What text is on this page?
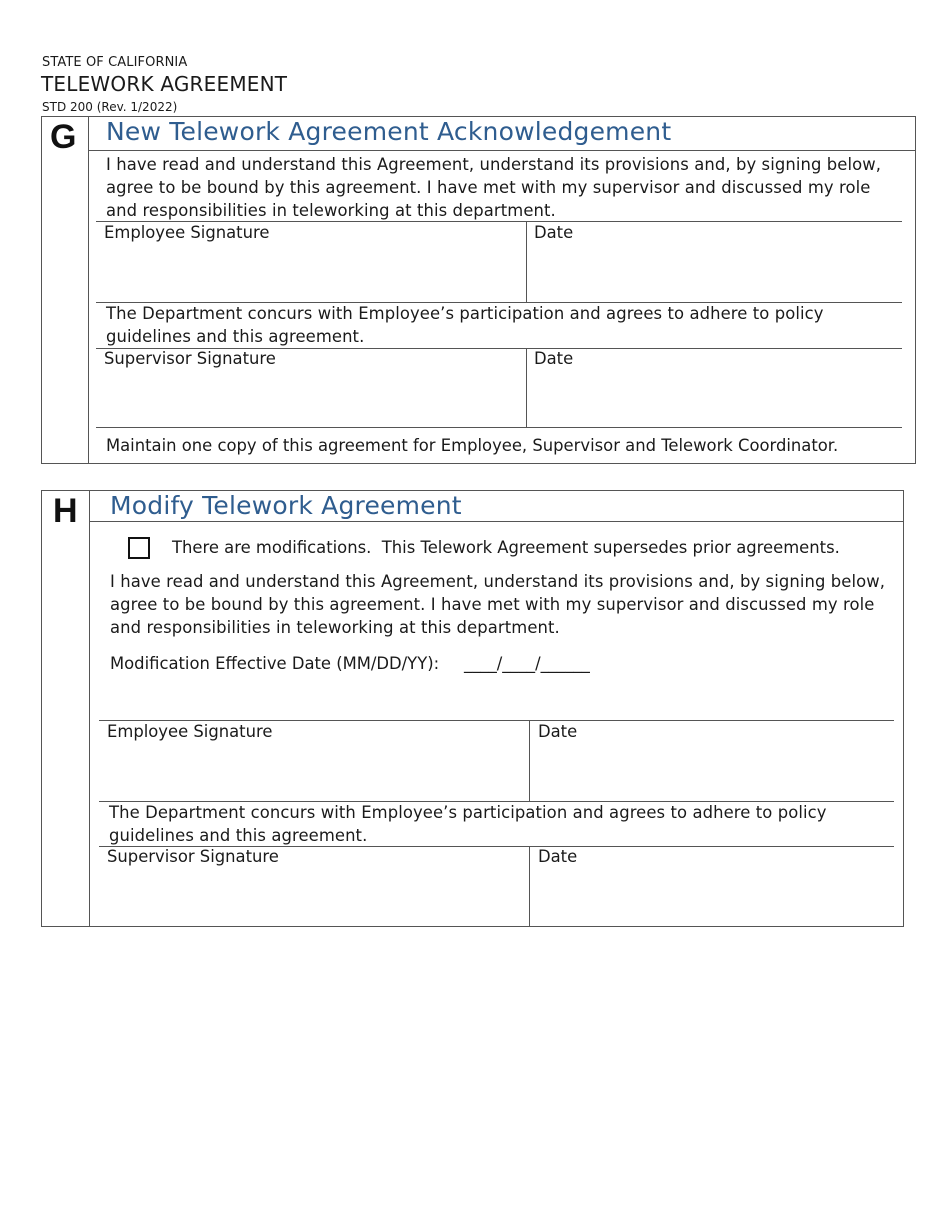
STATE OF CALIFORNIA
TELEWORK AGREEMENT
STD 200 (Rev. 1/2022)
G New Telework Agreement Acknowledgement
I have read and understand this Agreement, understand its provisions and, by signing below, agree to be bound by this agreement. I have met with my supervisor and discussed my role and responsibilities in teleworking at this department.
Employee Signature	Date
The Department concurs with Employee’s participation and agrees to adhere to policy guidelines and this agreement.
Supervisor Signature	Date
Maintain one copy of this agreement for Employee, Supervisor and Telework Coordinator.
H Modify Telework Agreement
There are modifications.  This Telework Agreement supersedes prior agreements.
I have read and understand this Agreement, understand its provisions and, by signing below, agree to be bound by this agreement. I have met with my supervisor and discussed my role and responsibilities in teleworking at this department.
Modification Effective Date (MM/DD/YY): ____/____/______
Employee Signature	Date
The Department concurs with Employee’s participation and agrees to adhere to policy guidelines and this agreement.
Supervisor Signature	Date
